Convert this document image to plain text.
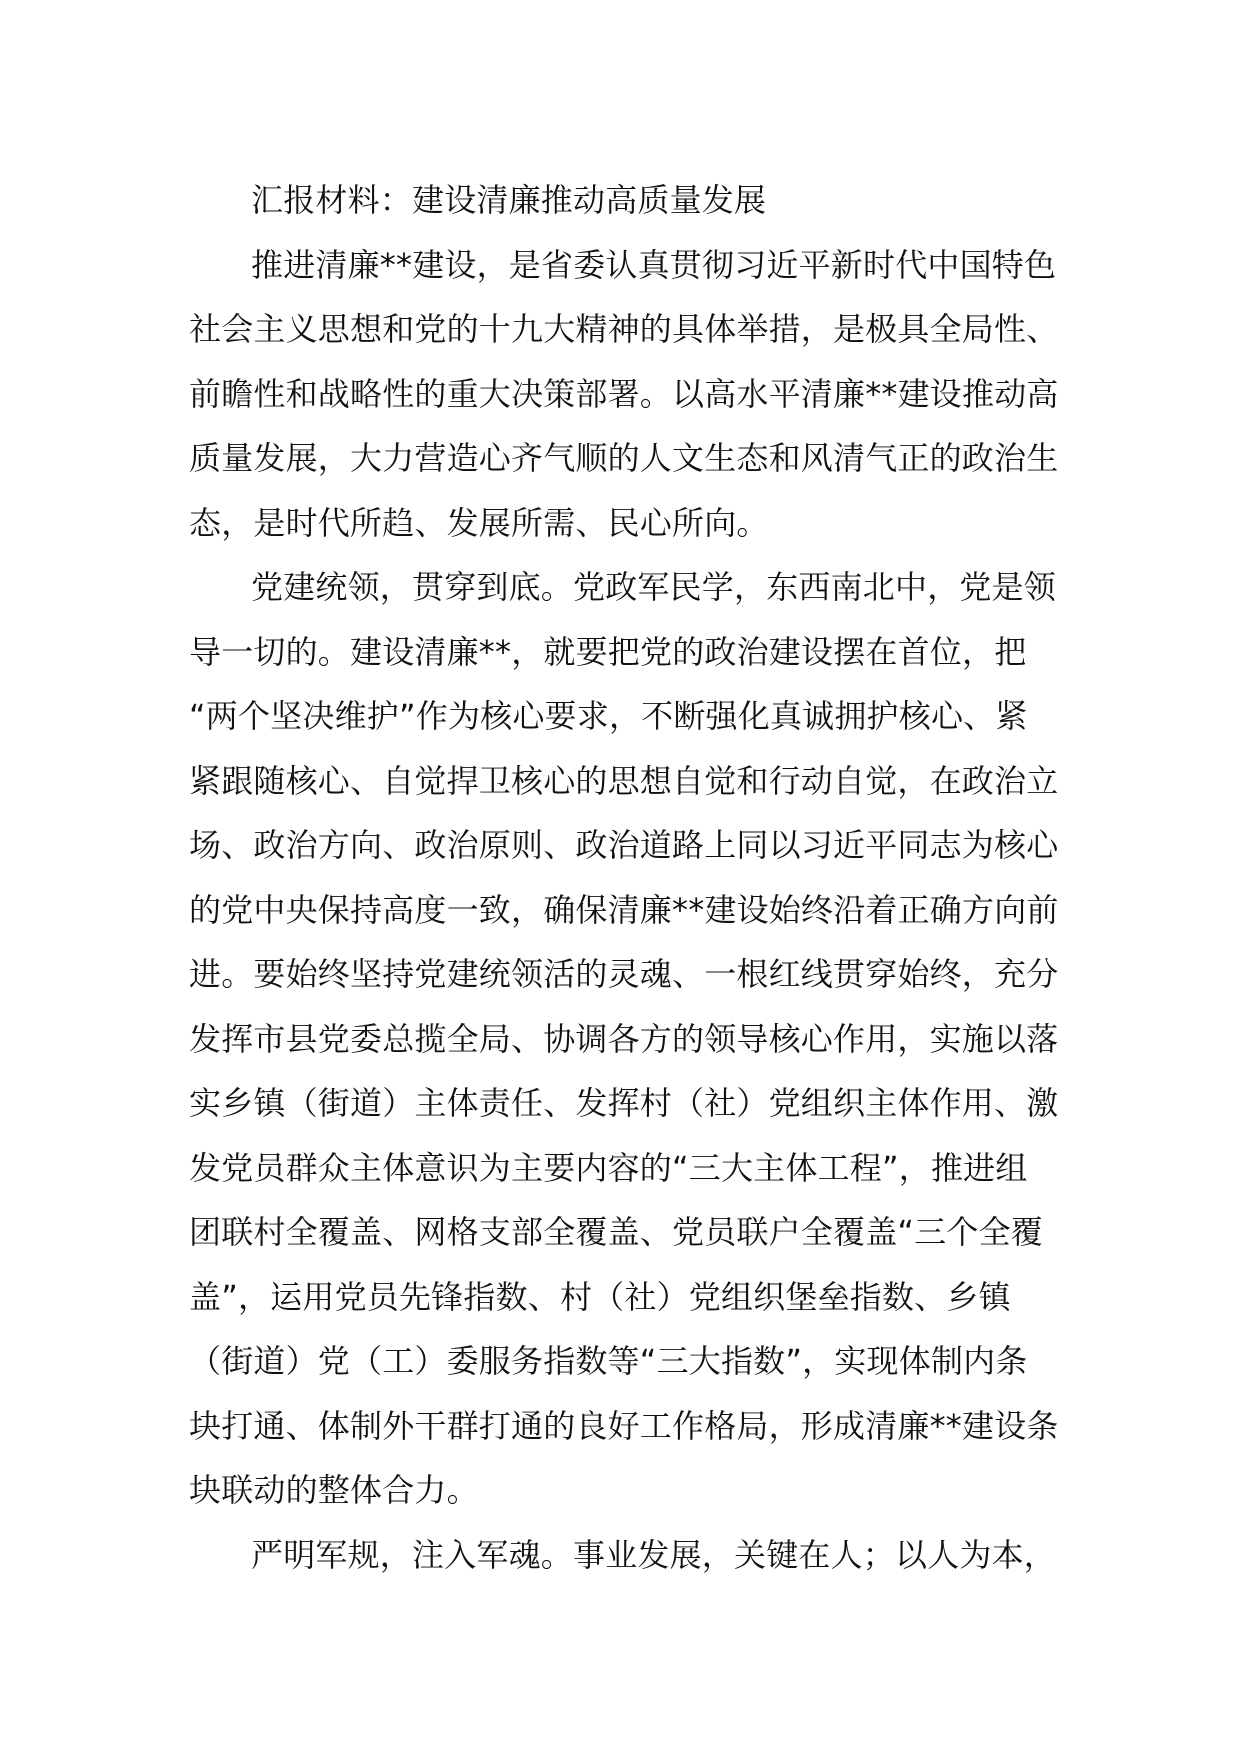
汇报材料：建设清廉推动高质量发展
推进清廉**建设，是省委认真贯彻习近平新时代中国特色
社会主义思想和党的十九大精神的具体举措，是极具全局性、
前瞻性和战略性的重大决策部署。以高水平清廉**建设推动高
质量发展，大力营造心齐气顺的人文生态和风清气正的政治生
态，是时代所趋、发展所需、民心所向。
党建统领，贯穿到底。党政军民学，东西南北中，党是领
导一切的。建设清廉**，就要把党的政治建设摆在首位，把
“两个坚决维护”作为核心要求，不断强化真诚拥护核心、紧
紧跟随核心、自觉捍卫核心的思想自觉和行动自觉，在政治立
场、政治方向、政治原则、政治道路上同以习近平同志为核心
的党中央保持高度一致，确保清廉**建设始终沿着正确方向前
进。要始终坚持党建统领活的灵魂、一根红线贯穿始终，充分
发挥市县党委总揽全局、协调各方的领导核心作用，实施以落
实乡镇（街道）主体责任、发挥村（社）党组织主体作用、激
发党员群众主体意识为主要内容的“三大主体工程”，推进组
团联村全覆盖、网格支部全覆盖、党员联户全覆盖“三个全覆
盖”，运用党员先锋指数、村（社）党组织堡垒指数、乡镇
（街道）党（工）委服务指数等“三大指数”，实现体制内条
块打通、体制外干群打通的良好工作格局，形成清廉**建设条
块联动的整体合力。
严明军规，注入军魂。事业发展，关键在人；以人为本，
